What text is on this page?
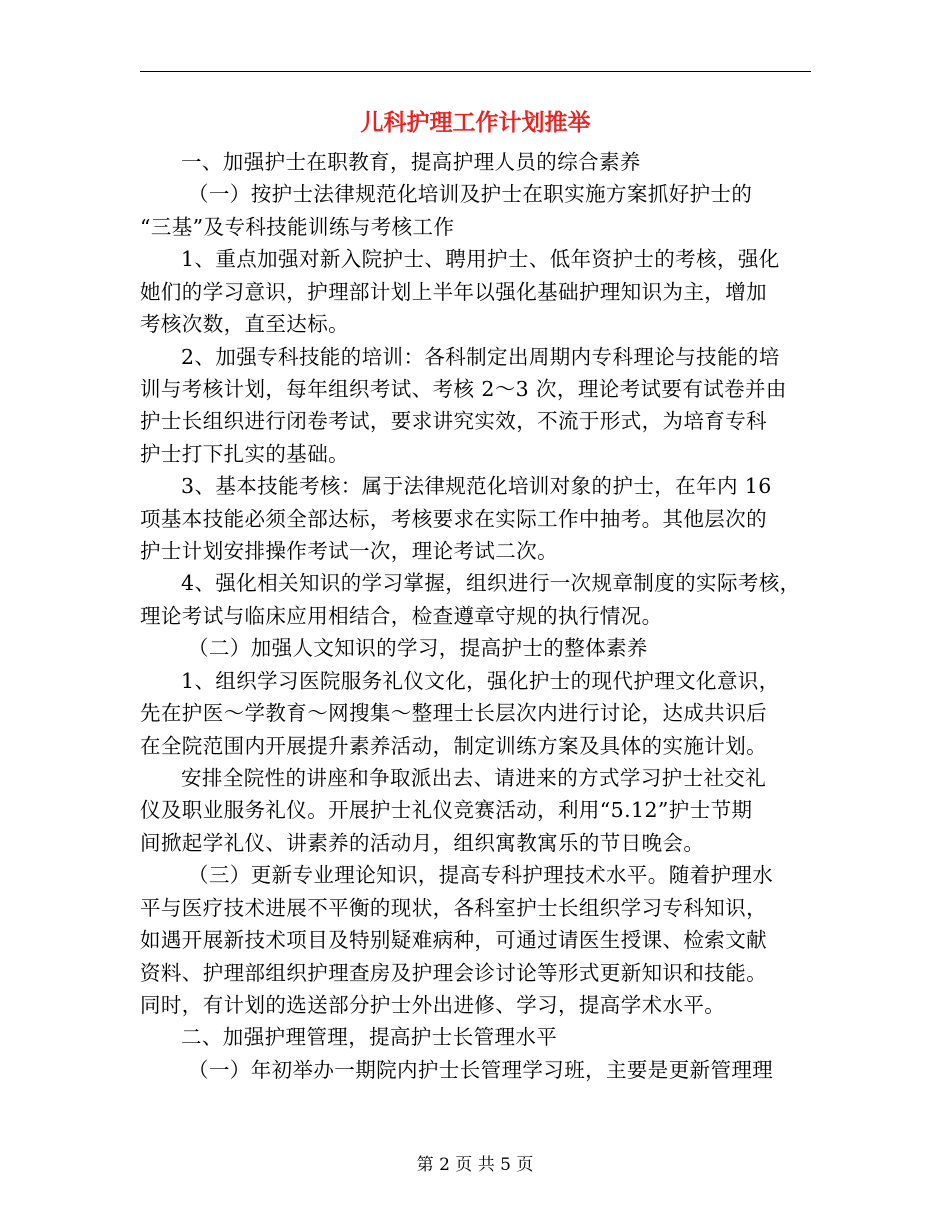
儿科护理工作计划推举
一、加强护士在职教育，提高护理人员的综合素养
（一）按护士法律规范化培训及护士在职实施方案抓好护士的
“三基”及专科技能训练与考核工作
1、重点加强对新入院护士、聘用护士、低年资护士的考核，强化
她们的学习意识，护理部计划上半年以强化基础护理知识为主，增加
考核次数，直至达标。
2、加强专科技能的培训：各科制定出周期内专科理论与技能的培
训与考核计划，每年组织考试、考核 2～3 次，理论考试要有试卷并由
护士长组织进行闭卷考试，要求讲究实效，不流于形式，为培育专科
护士打下扎实的基础。
3、基本技能考核：属于法律规范化培训对象的护士，在年内 16
项基本技能必须全部达标，考核要求在实际工作中抽考。其他层次的
护士计划安排操作考试一次，理论考试二次。
4、强化相关知识的学习掌握，组织进行一次规章制度的实际考核，
理论考试与临床应用相结合，检查遵章守规的执行情况。
（二）加强人文知识的学习，提高护士的整体素养
1、组织学习医院服务礼仪文化，强化护士的现代护理文化意识，
先在护医～学教育～网搜集～整理士长层次内进行讨论，达成共识后
在全院范围内开展提升素养活动，制定训练方案及具体的实施计划。
安排全院性的讲座和争取派出去、请进来的方式学习护士社交礼
仪及职业服务礼仪。开展护士礼仪竞赛活动，利用“5.12”护士节期
间掀起学礼仪、讲素养的活动月，组织寓教寓乐的节日晚会。
（三）更新专业理论知识，提高专科护理技术水平。随着护理水
平与医疗技术进展不平衡的现状，各科室护士长组织学习专科知识，
如遇开展新技术项目及特别疑难病种，可通过请医生授课、检索文献
资料、护理部组织护理查房及护理会诊讨论等形式更新知识和技能。
同时，有计划的选送部分护士外出进修、学习，提高学术水平。
二、加强护理管理，提高护士长管理水平
（一）年初举办一期院内护士长管理学习班，主要是更新管理理
第 2 页 共 5 页
